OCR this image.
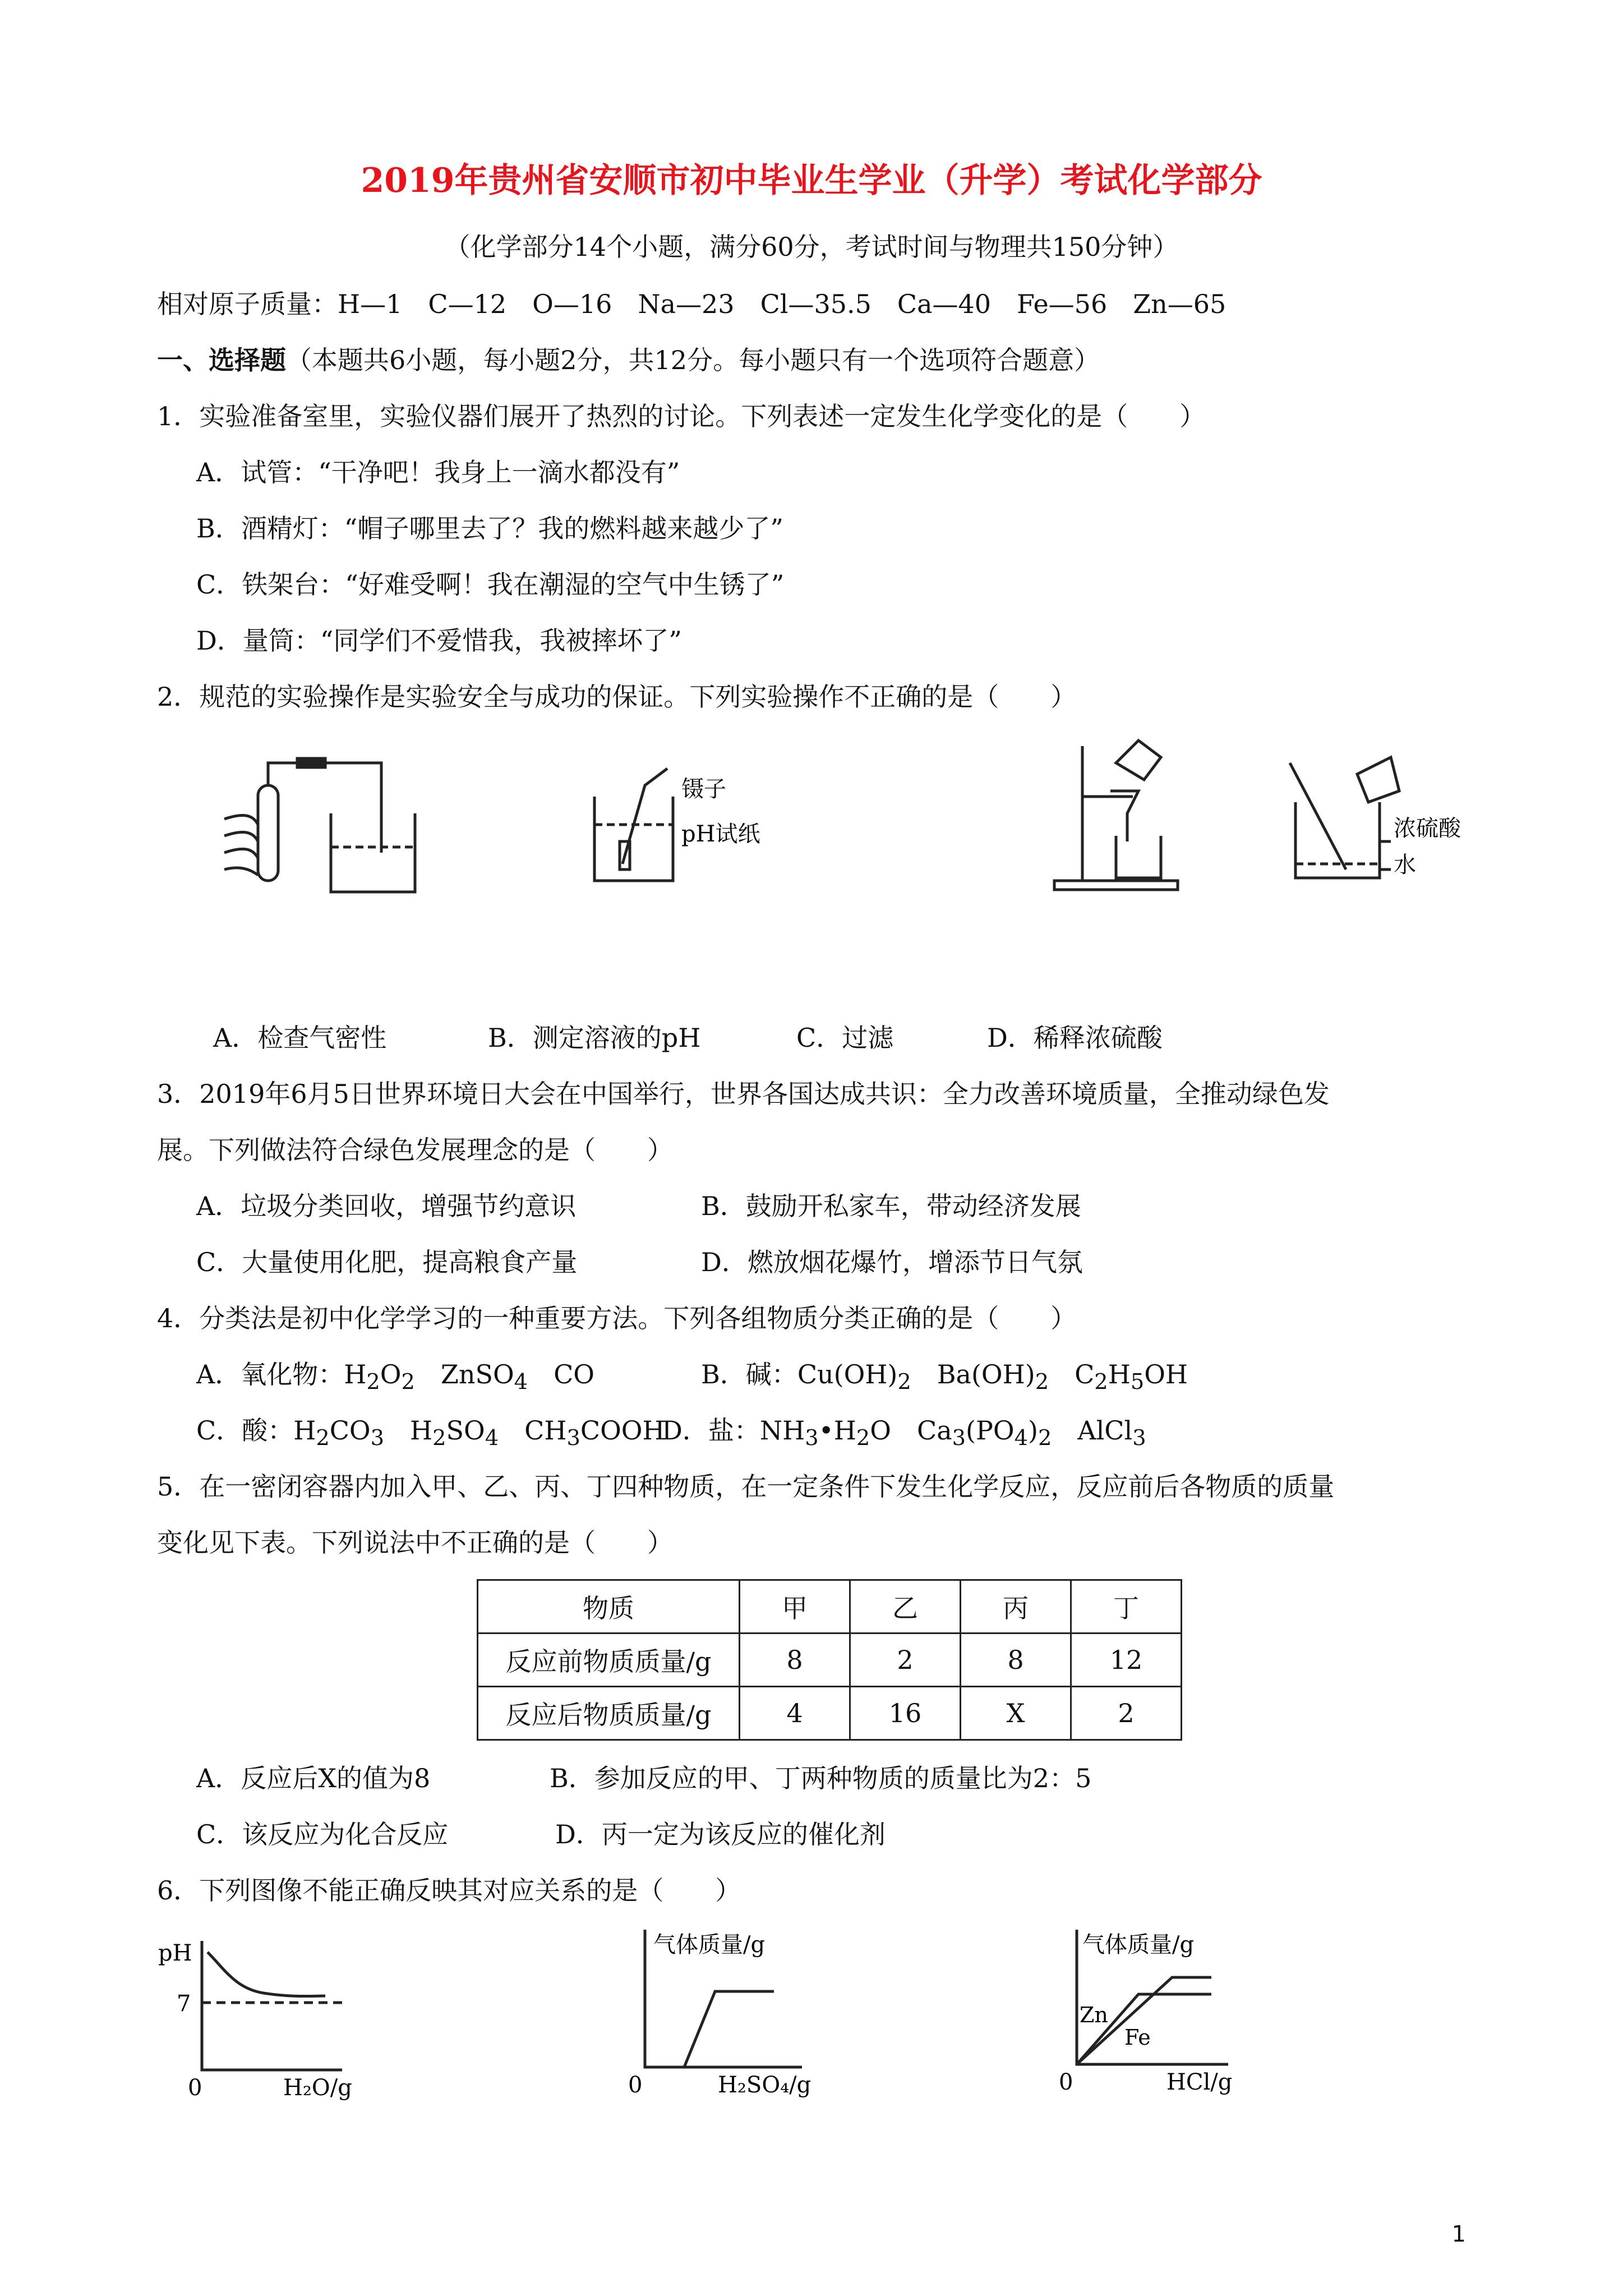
2019年贵州省安顺市初中毕业生学业（升学）考试化学部分
（化学部分14个小题，满分60分，考试时间与物理共150分钟）
相对原子质量：H—1　C—12　O—16　Na—23　Cl—35.5　Ca—40　Fe—56　Zn—65
一、选择题（本题共6小题，每小题2分，共12分。每小题只有一个选项符合题意）
1．实验准备室里，实验仪器们展开了热烈的讨论。下列表述一定发生化学变化的是（　　）
A．试管：“干净吧！我身上一滴水都没有”
B．酒精灯：“帽子哪里去了？我的燃料越来越少了”
C．铁架台：“好难受啊！我在潮湿的空气中生锈了”
D．量筒：“同学们不爱惜我，我被摔坏了”
2．规范的实验操作是实验安全与成功的保证。下列实验操作不正确的是（　　）
镊子
pH试纸	浓硫酸
水
A．检查气密性	B．测定溶液的pH	C．过滤	D．稀释浓硫酸
3．2019年6月5日世界环境日大会在中国举行，世界各国达成共识：全力改善环境质量，全推动绿色发
展。下列做法符合绿色发展理念的是（　　）
A．垃圾分类回收，增强节约意识	B．鼓励开私家车，带动经济发展
C．大量使用化肥，提高粮食产量	D．燃放烟花爆竹，增添节日气氛
4．分类法是初中化学学习的一种重要方法。下列各组物质分类正确的是（　　）
A．氧化物：$H_2O_2$　ZnSO$_4$　CO	B．碱：$Cu(OH)_2$　$Ba(OH)_2$　$C_2H_5OH$
C．酸：$H_2CO_3$　$H_2SO_4$　$CH_3COOH$
D．盐：$NH_3•H_2O$　$Ca_3(PO_4)_2$　AlCl$_3$
5．在一密闭容器内加入甲、乙、丙、丁四种物质，在一定条件下发生化学反应，反应前后各物质的质量
变化见下表。下列说法中不正确的是（　　）
物质	甲	乙	丙	丁
反应前物质质量/g	8	2	8	12
反应后物质质量/g	4	16	X	2
A．反应后X的值为8	B．参加反应的甲、丁两种物质的质量比为2：5
C．该反应为化合反应	D．丙一定为该反应的催化剂
6．下列图像不能正确反映其对应关系的是（　　）
pH
7
0	H₂O/g
气体质量/g
0	H₂SO₄/g
气体质量/g
Zn
Fe
0	HCl/g
1
